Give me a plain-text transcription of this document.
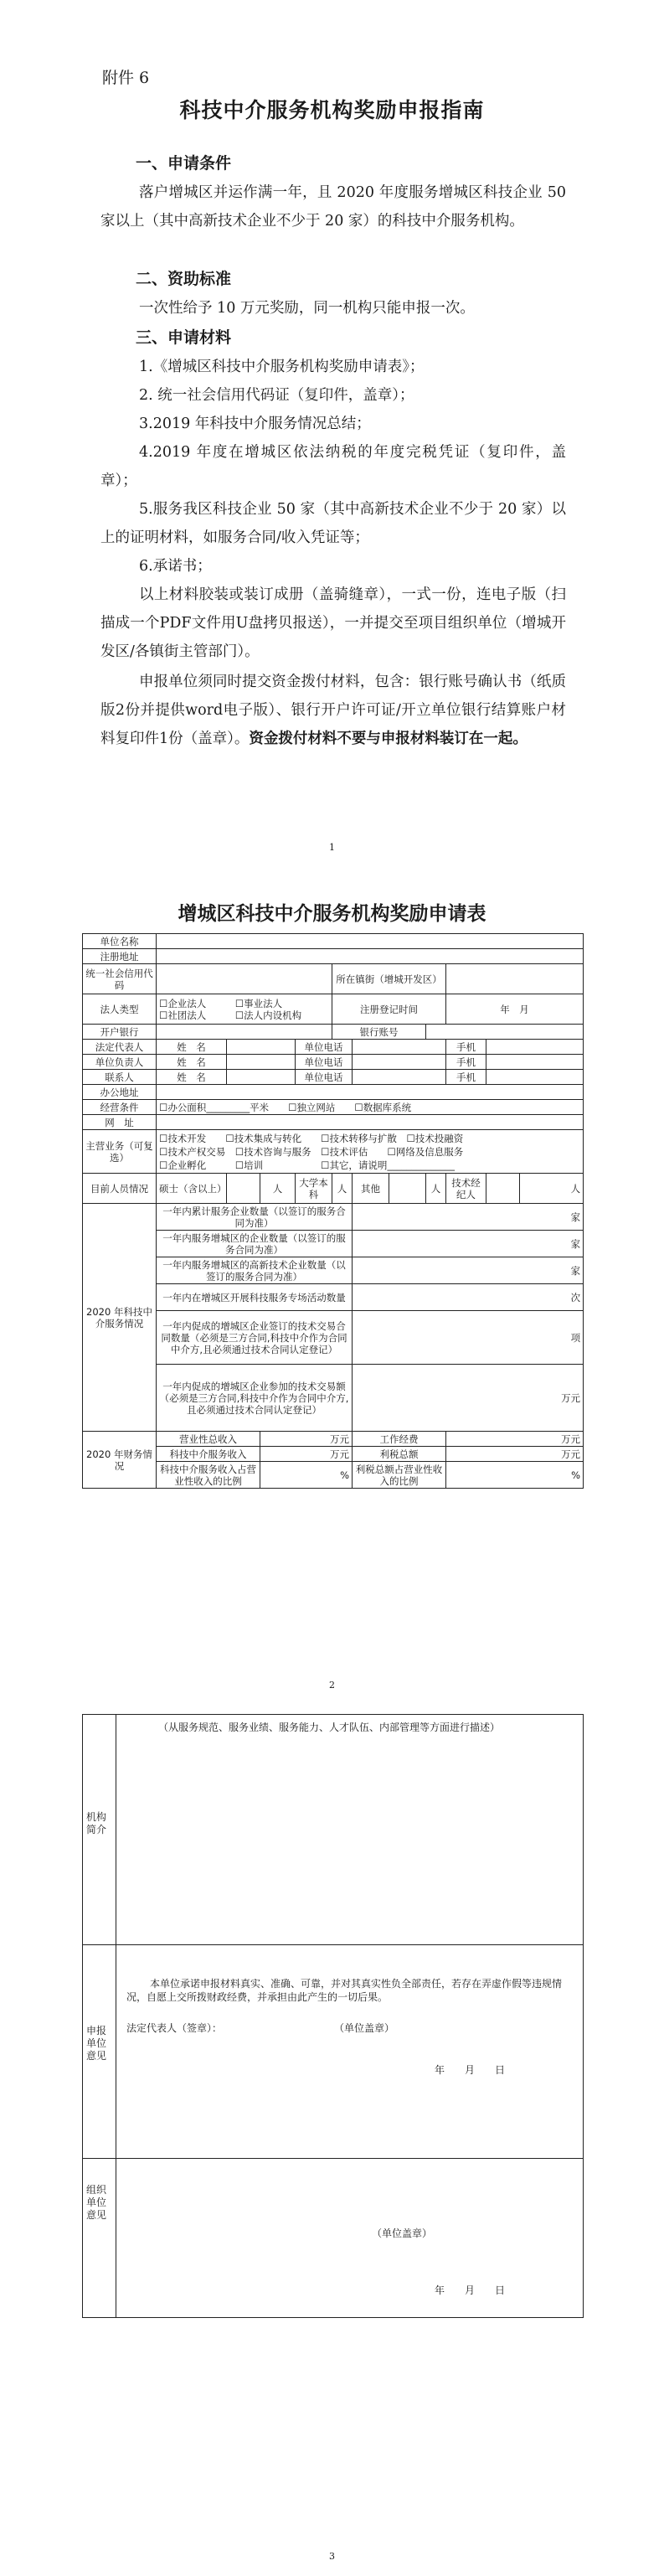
附件 6
科技中介服务机构奖励申报指南
一、申请条件
落户增城区并运作满一年，且 2020 年度服务增城区科技企业 50 家以上（其中高新技术企业不少于 20 家）的科技中介服务机构。
二、资助标准
一次性给予 10 万元奖励，同一机构只能申报一次。
三、申请材料
1.《增城区科技中介服务机构奖励申请表》；
2. 统一社会信用代码证（复印件，盖章）；
3.2019 年科技中介服务情况总结；
4.2019 年度在增城区依法纳税的年度完税凭证（复印件，盖章）；
5.服务我区科技企业 50 家（其中高新技术企业不少于 20 家）以上的证明材料，如服务合同/收入凭证等；
6.承诺书；
以上材料胶装或装订成册（盖骑缝章），一式一份，连电子版（扫描成一个PDF文件用U盘拷贝报送），一并提交至项目组织单位（增城开发区/各镇街主管部门）。
申报单位须同时提交资金拨付材料，包含：银行账号确认书（纸质版2份并提供word电子版）、银行开户许可证/开立单位银行结算账户材料复印件1份（盖章）。资金拨付材料不要与申报材料装订在一起。
1
增城区科技中介服务机构奖励申请表
单位名称											
注册地址											
统一社会信用代码					所在镇街（增城开发区）						
法人类型	
☐企业法人　　　 ☐ 事业法人
☐ 社团法人　　　 ☐ 法人内设机构				注册登记时间				年　月		
开户银行					银行账号						
法定代表人	姓　名			单位电话					手机		
单位负责人	姓　名			单位电话					手机		
联系人	姓　名			单位电话					手机		
办公地址											
经营条件	☐办公面积_________平米　　 ☐ 独立网站　　 ☐ 数据库系统
网　址											
主营业务（可复选）	
☐ 技术开发　　 ☐ 技术集成与转化　　 ☐ 技术转移与扩散　 ☐ 技术投融资
☐ 技术产权交易　 ☐ 技术咨询与服务　 ☐ 技术评估　　 ☐ 网络及信息服务
☐ 企业孵化　　　 ☐ 培训　　　　　　 ☐ 其它，请说明______________

目前人员情况	硕士（含以上）		人	大学本科	人	其他		人	技术经纪人		人
2020 年科技中介服务情况	一年内累计服务企业数量（以签订的服务合同为准）					家					
	一年内服务增城区的企业数量（以签订的服务合同为准）					家					
	一年内服务增城区的高新技术企业数量（以签订的服务合同为准）					家					
	一年内在增城区开展科技服务专场活动数量					次					
	一年内促成的增城区企业签订的技术交易合同数量（必须是三方合同,科技中介作为合同中介方,且必须通过技术合同认定登记）					项					
	一年内促成的增城区企业参加的技术交易额（必须是三方合同,科技中介作为合同中介方,且必须通过技术合同认定登记）					万元					
2020 年财务情况	营业性总收入		万元			工作经费			万元		
	科技中介服务收入		万元			利税总额			万元		
	科技中介服务收入占营业性收入的比例		%			利税总额占营业性收入的比例			%		
2
机构简介	（从服务规范、服务业绩、服务能力、人才队伍、内部管理等方面进行描述）

申报单位意见	本单位承诺申报材料真实、准确、可靠，并对其真实性负全部责任，若存在弄虚作假等违规情况，自愿上交所拨财政经费，并承担由此产生的一切后果。
法定代表人（签章）： （单位盖章）
年　　月　　日

组织单位意见	（单位盖章）
年　　月　　日
3
